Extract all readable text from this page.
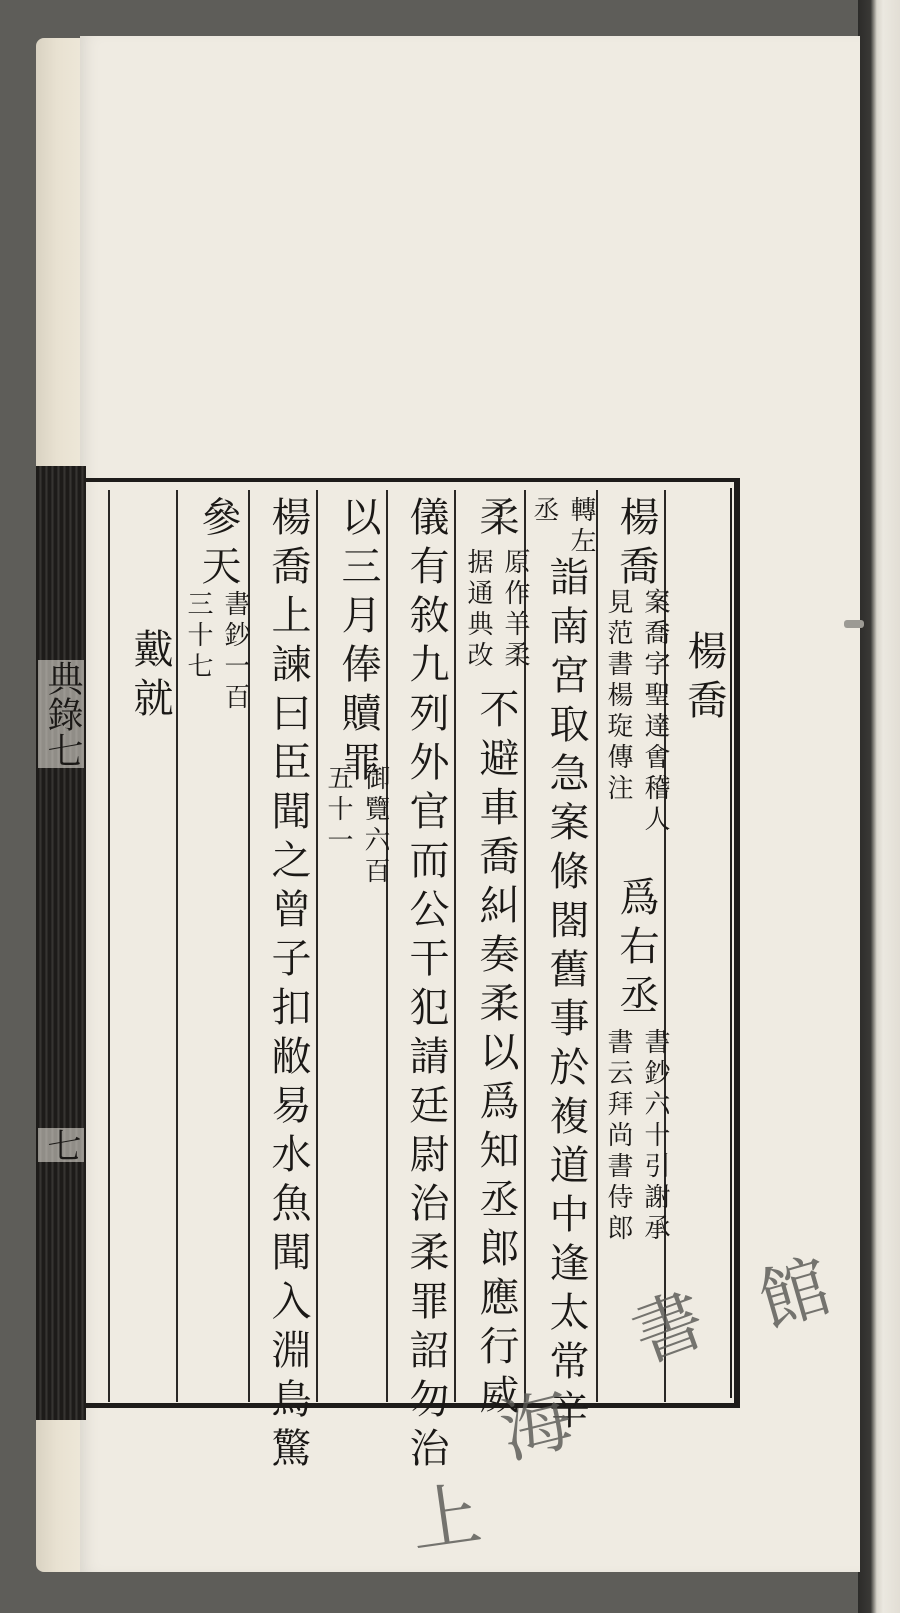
典錄七
七
楊喬
楊喬
案喬字聖達㑹稽人
見范書楊琁傳注
爲右丞
書鈔六十引謝承
書云拜尚書侍郎
轉左
丞
詣南宮取急案條閤舊事於複道中逢太常辛
柔
原作羊柔
据通典改
不避車喬糾奏柔以爲知丞郎應行威
儀有敘九列外官而公干犯請廷尉治柔罪詔勿治
以三月俸贖罪
御覽六百
五十一
楊喬上諫曰臣聞之曾子扣敝易水魚聞入淵鳥驚
參天
書鈔一百
三十七
戴就
上
海
書 館
